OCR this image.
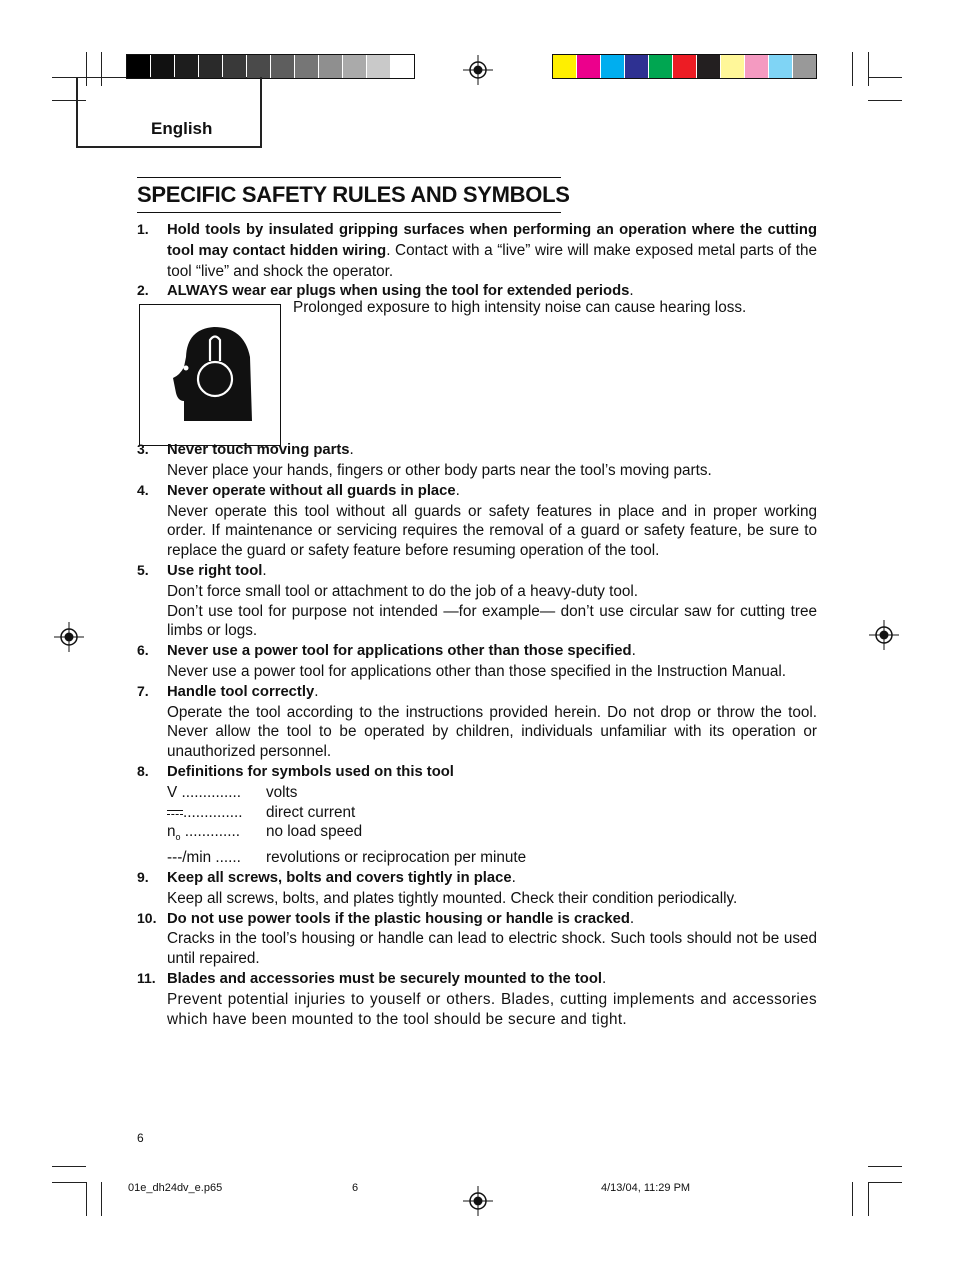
English
SPECIFIC SAFETY RULES AND SYMBOLS
1. Hold tools by insulated gripping surfaces when performing an operation where the cutting tool may contact hidden wiring. Contact with a “live” wire will make exposed metal parts of the tool “live” and shock the operator.
2. ALWAYS wear ear plugs when using the tool for extended periods.
3. Never touch moving parts.
Never place your hands, fingers or other body parts near the tool’s moving parts.
4. Never operate without all guards in place.
Never operate this tool without all guards or safety features in place and in proper working order. If maintenance or servicing requires the removal of a guard or safety feature, be sure to replace the guard or safety feature before resuming operation of the tool.
5. Use right tool.
Don’t force small tool or attachment to do the job of a heavy-duty tool.
Don’t use tool for purpose not intended —for example— don’t use circular saw for cutting tree limbs or logs.
6. Never use a power tool for applications other than those specified.
Never use a power tool for applications other than those specified in the Instruction Manual.
7. Handle tool correctly.
Operate the tool according to the instructions provided herein. Do not drop or throw the tool. Never allow the tool to be operated by children, individuals unfamiliar with its operation or unauthorized personnel.
8. Definitions for symbols used on this tool
V ..............	volts
..............	direct current
$n_o$ .............	no load speed
---/min ......	revolutions or reciprocation per minute
9. Keep all screws, bolts and covers tightly in place.
Keep all screws, bolts, and plates tightly mounted. Check their condition periodically.
10. Do not use power tools if the plastic housing or handle is cracked.
Cracks in the tool’s housing or handle can lead to electric shock. Such tools should not be used until repaired.
11. Blades and accessories must be securely mounted to the tool.
Prevent potential injuries to youself or others. Blades, cutting implements and accessories which have been mounted to the tool should be secure and tight.
Prolonged exposure to high intensity noise can cause hearing loss.
6
01e_dh24dv_e.p65	6	4/13/04, 11:29 PM
